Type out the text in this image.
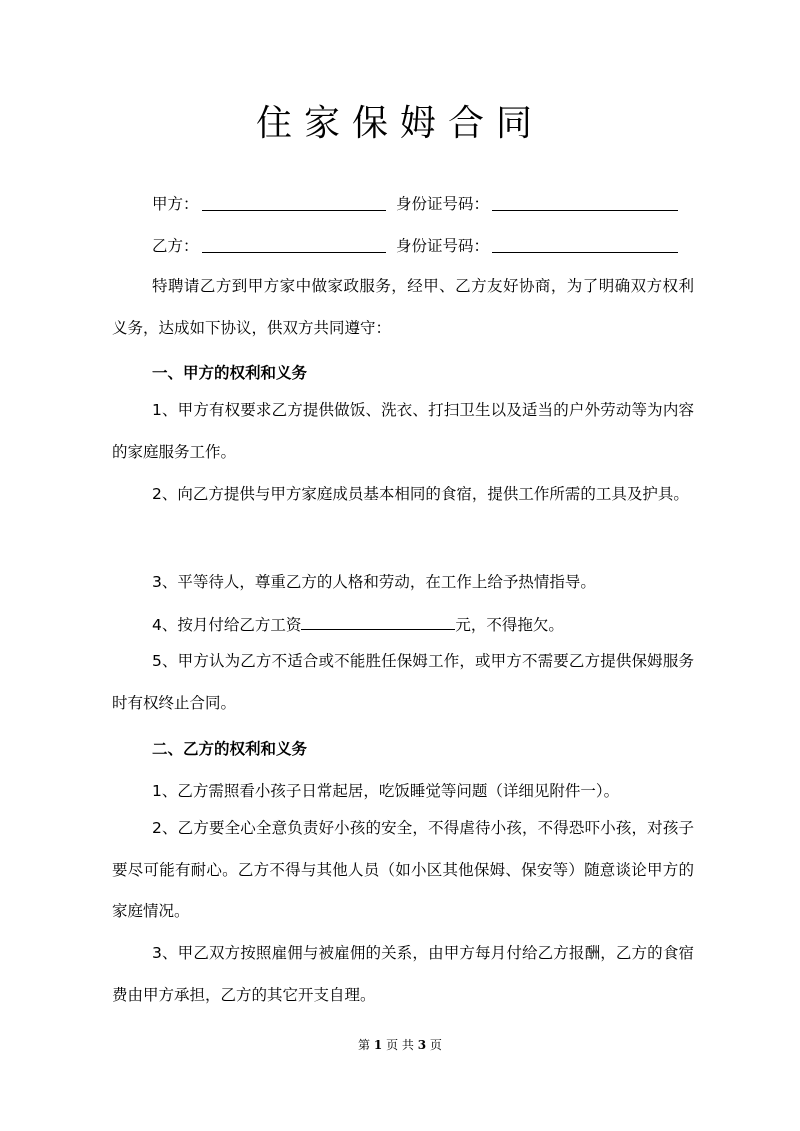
住家保姆合同
甲方：	身份证号码：
乙方：	身份证号码：
特聘请乙方到甲方家中做家政服务，经甲、乙方友好协商，为了明确双方权利义务，达成如下协议，供双方共同遵守：
一、甲方的权利和义务
1、甲方有权要求乙方提供做饭、洗衣、打扫卫生以及适当的户外劳动等为内容的家庭服务工作。
2、向乙方提供与甲方家庭成员基本相同的食宿，提供工作所需的工具及护具。
3、平等待人，尊重乙方的人格和劳动，在工作上给予热情指导。
4、按月付给乙方工资	元，不得拖欠。
5、甲方认为乙方不适合或不能胜任保姆工作，或甲方不需要乙方提供保姆服务时有权终止合同。
二、乙方的权利和义务
1、乙方需照看小孩子日常起居，吃饭睡觉等问题（详细见附件一）。
2、乙方要全心全意负责好小孩的安全，不得虐待小孩，不得恐吓小孩，对孩子要尽可能有耐心。乙方不得与其他人员（如小区其他保姆、保安等）随意谈论甲方的家庭情况。
3、甲乙双方按照雇佣与被雇佣的关系，由甲方每月付给乙方报酬，乙方的食宿费由甲方承担，乙方的其它开支自理。
第 1 页 共 3 页
